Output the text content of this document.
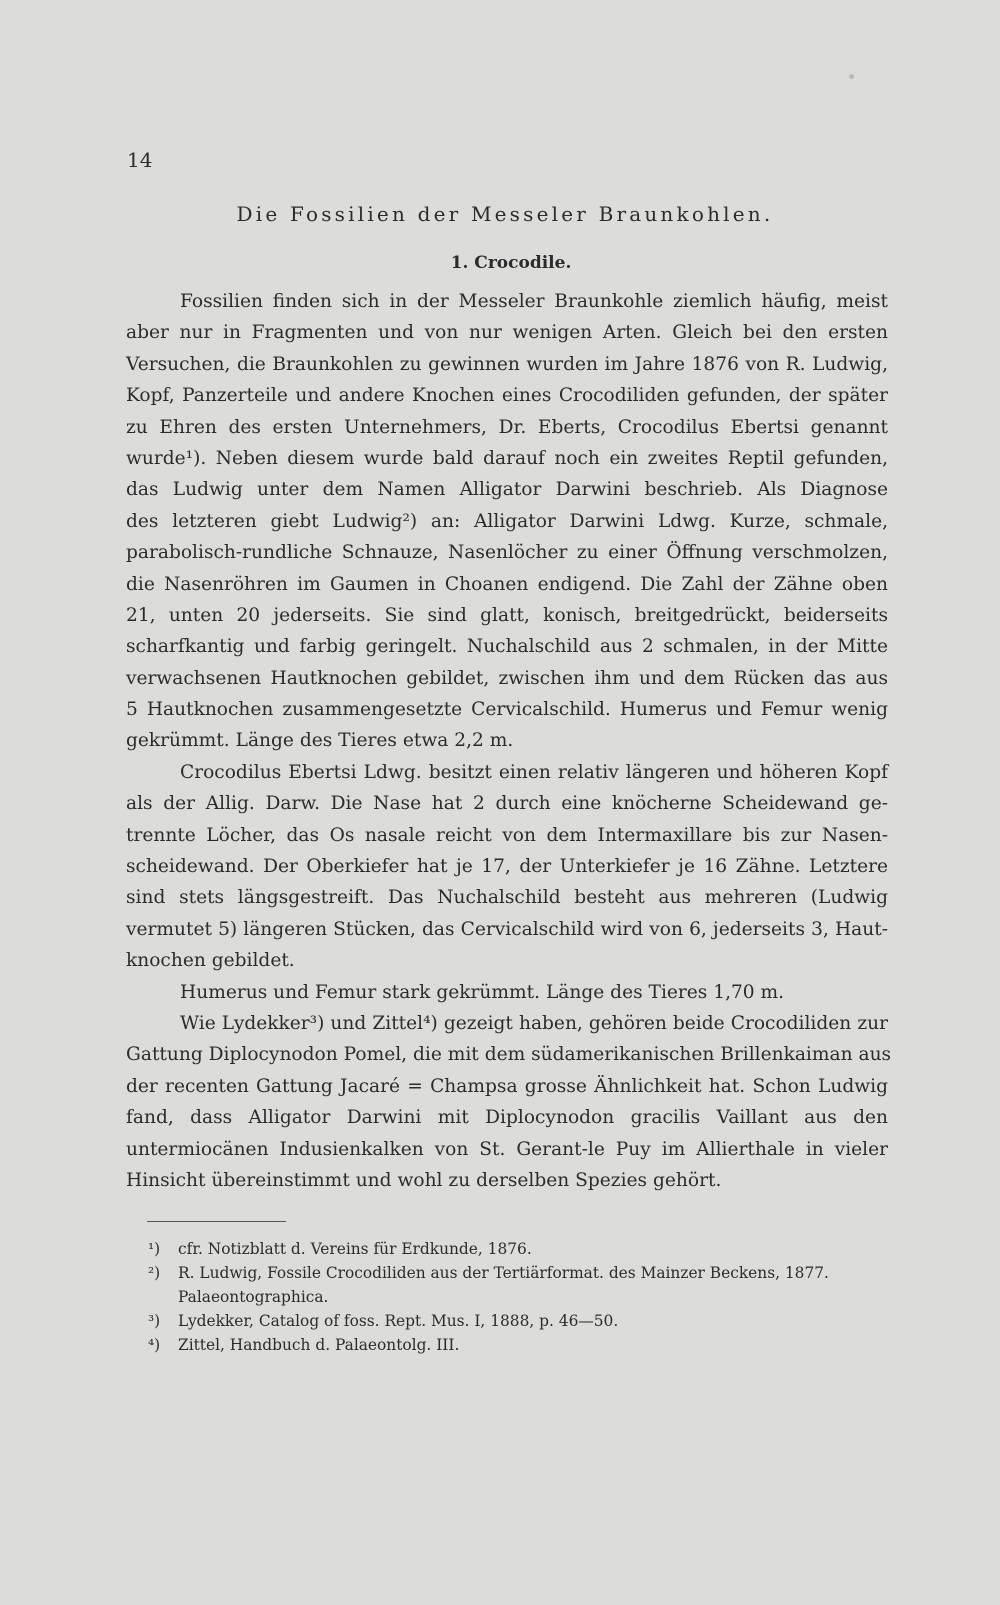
14
Die Fossilien der Messeler Braunkohlen.
1. Crocodile.
Fossilien finden sich in der Messeler Braunkohle ziemlich häufig, meist
aber nur in Fragmenten und von nur wenigen Arten. Gleich bei den ersten
Versuchen, die Braunkohlen zu gewinnen wurden im Jahre 1876 von R. Ludwig,
Kopf, Panzerteile und andere Knochen eines Crocodiliden gefunden, der später
zu Ehren des ersten Unternehmers, Dr. Eberts, Crocodilus Ebertsi genannt
wurde¹). Neben diesem wurde bald darauf noch ein zweites Reptil gefunden,
das Ludwig unter dem Namen Alligator Darwini beschrieb. Als Diagnose
des letzteren giebt Ludwig²) an: Alligator Darwini Ldwg. Kurze, schmale,
parabolisch-rundliche Schnauze, Nasenlöcher zu einer Öffnung verschmolzen,
die Nasenröhren im Gaumen in Choanen endigend. Die Zahl der Zähne oben
21, unten 20 jederseits. Sie sind glatt, konisch, breitgedrückt, beiderseits
scharfkantig und farbig geringelt. Nuchalschild aus 2 schmalen, in der Mitte
verwachsenen Hautknochen gebildet, zwischen ihm und dem Rücken das aus
5 Hautknochen zusammengesetzte Cervicalschild. Humerus und Femur wenig
gekrümmt. Länge des Tieres etwa 2,2 m.
Crocodilus Ebertsi Ldwg. besitzt einen relativ längeren und höheren Kopf
als der Allig. Darw. Die Nase hat 2 durch eine knöcherne Scheidewand ge-
trennte Löcher, das Os nasale reicht von dem Intermaxillare bis zur Nasen-
scheidewand. Der Oberkiefer hat je 17, der Unterkiefer je 16 Zähne. Letztere
sind stets längsgestreift. Das Nuchalschild besteht aus mehreren (Ludwig
vermutet 5) längeren Stücken, das Cervicalschild wird von 6, jederseits 3, Haut-
knochen gebildet.
Humerus und Femur stark gekrümmt. Länge des Tieres 1,70 m.
Wie Lydekker³) und Zittel⁴) gezeigt haben, gehören beide Crocodiliden zur
Gattung Diplocynodon Pomel, die mit dem südamerikanischen Brillenkaiman aus
der recenten Gattung Jacaré = Champsa grosse Ähnlichkeit hat. Schon Ludwig
fand, dass Alligator Darwini mit Diplocynodon gracilis Vaillant aus den
untermiocänen Indusienkalken von St. Gerant-le Puy im Allierthale in vieler
Hinsicht übereinstimmt und wohl zu derselben Spezies gehört.
¹) cfr. Notizblatt d. Vereins für Erdkunde, 1876.
²) R. Ludwig, Fossile Crocodiliden aus der Tertiärformat. des Mainzer Beckens, 1877.
Palaeontographica.
³) Lydekker, Catalog of foss. Rept. Mus. I, 1888, p. 46—50.
⁴) Zittel, Handbuch d. Palaeontolg. III.
